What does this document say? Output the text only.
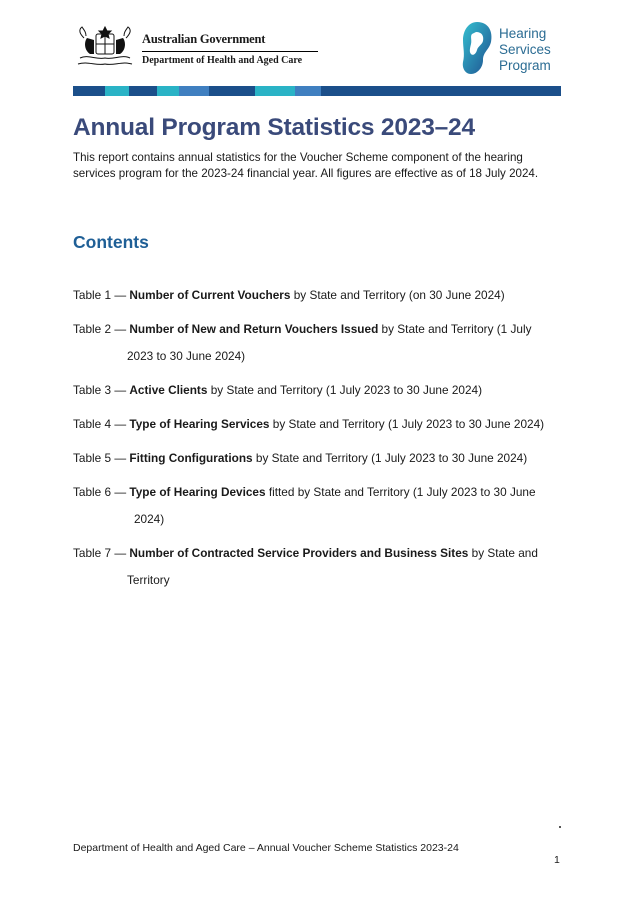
Australian Government
Department of Health and Aged Care
Hearing
Services
Program
Annual Program Statistics 2023–24
This report contains annual statistics for the Voucher Scheme component of the hearing services program for the 2023-24 financial year. All figures are effective as of 18 July 2024.
Contents
Table 1 — Number of Current Vouchers by State and Territory (on 30 June 2024)
Table 2 — Number of New and Return Vouchers Issued by State and Territory (1 July
2023 to 30 June 2024)
Table 3 — Active Clients by State and Territory (1 July 2023 to 30 June 2024)
Table 4 — Type of Hearing Services by State and Territory (1 July 2023 to 30 June 2024)
Table 5 — Fitting Configurations by State and Territory (1 July 2023 to 30 June 2024)
Table 6 — Type of Hearing Devices fitted by State and Territory (1 July 2023 to 30 June
2024)
Table 7 — Number of Contracted Service Providers and Business Sites by State and
Territory
Department of Health and Aged Care – Annual Voucher Scheme Statistics 2023-24
1
